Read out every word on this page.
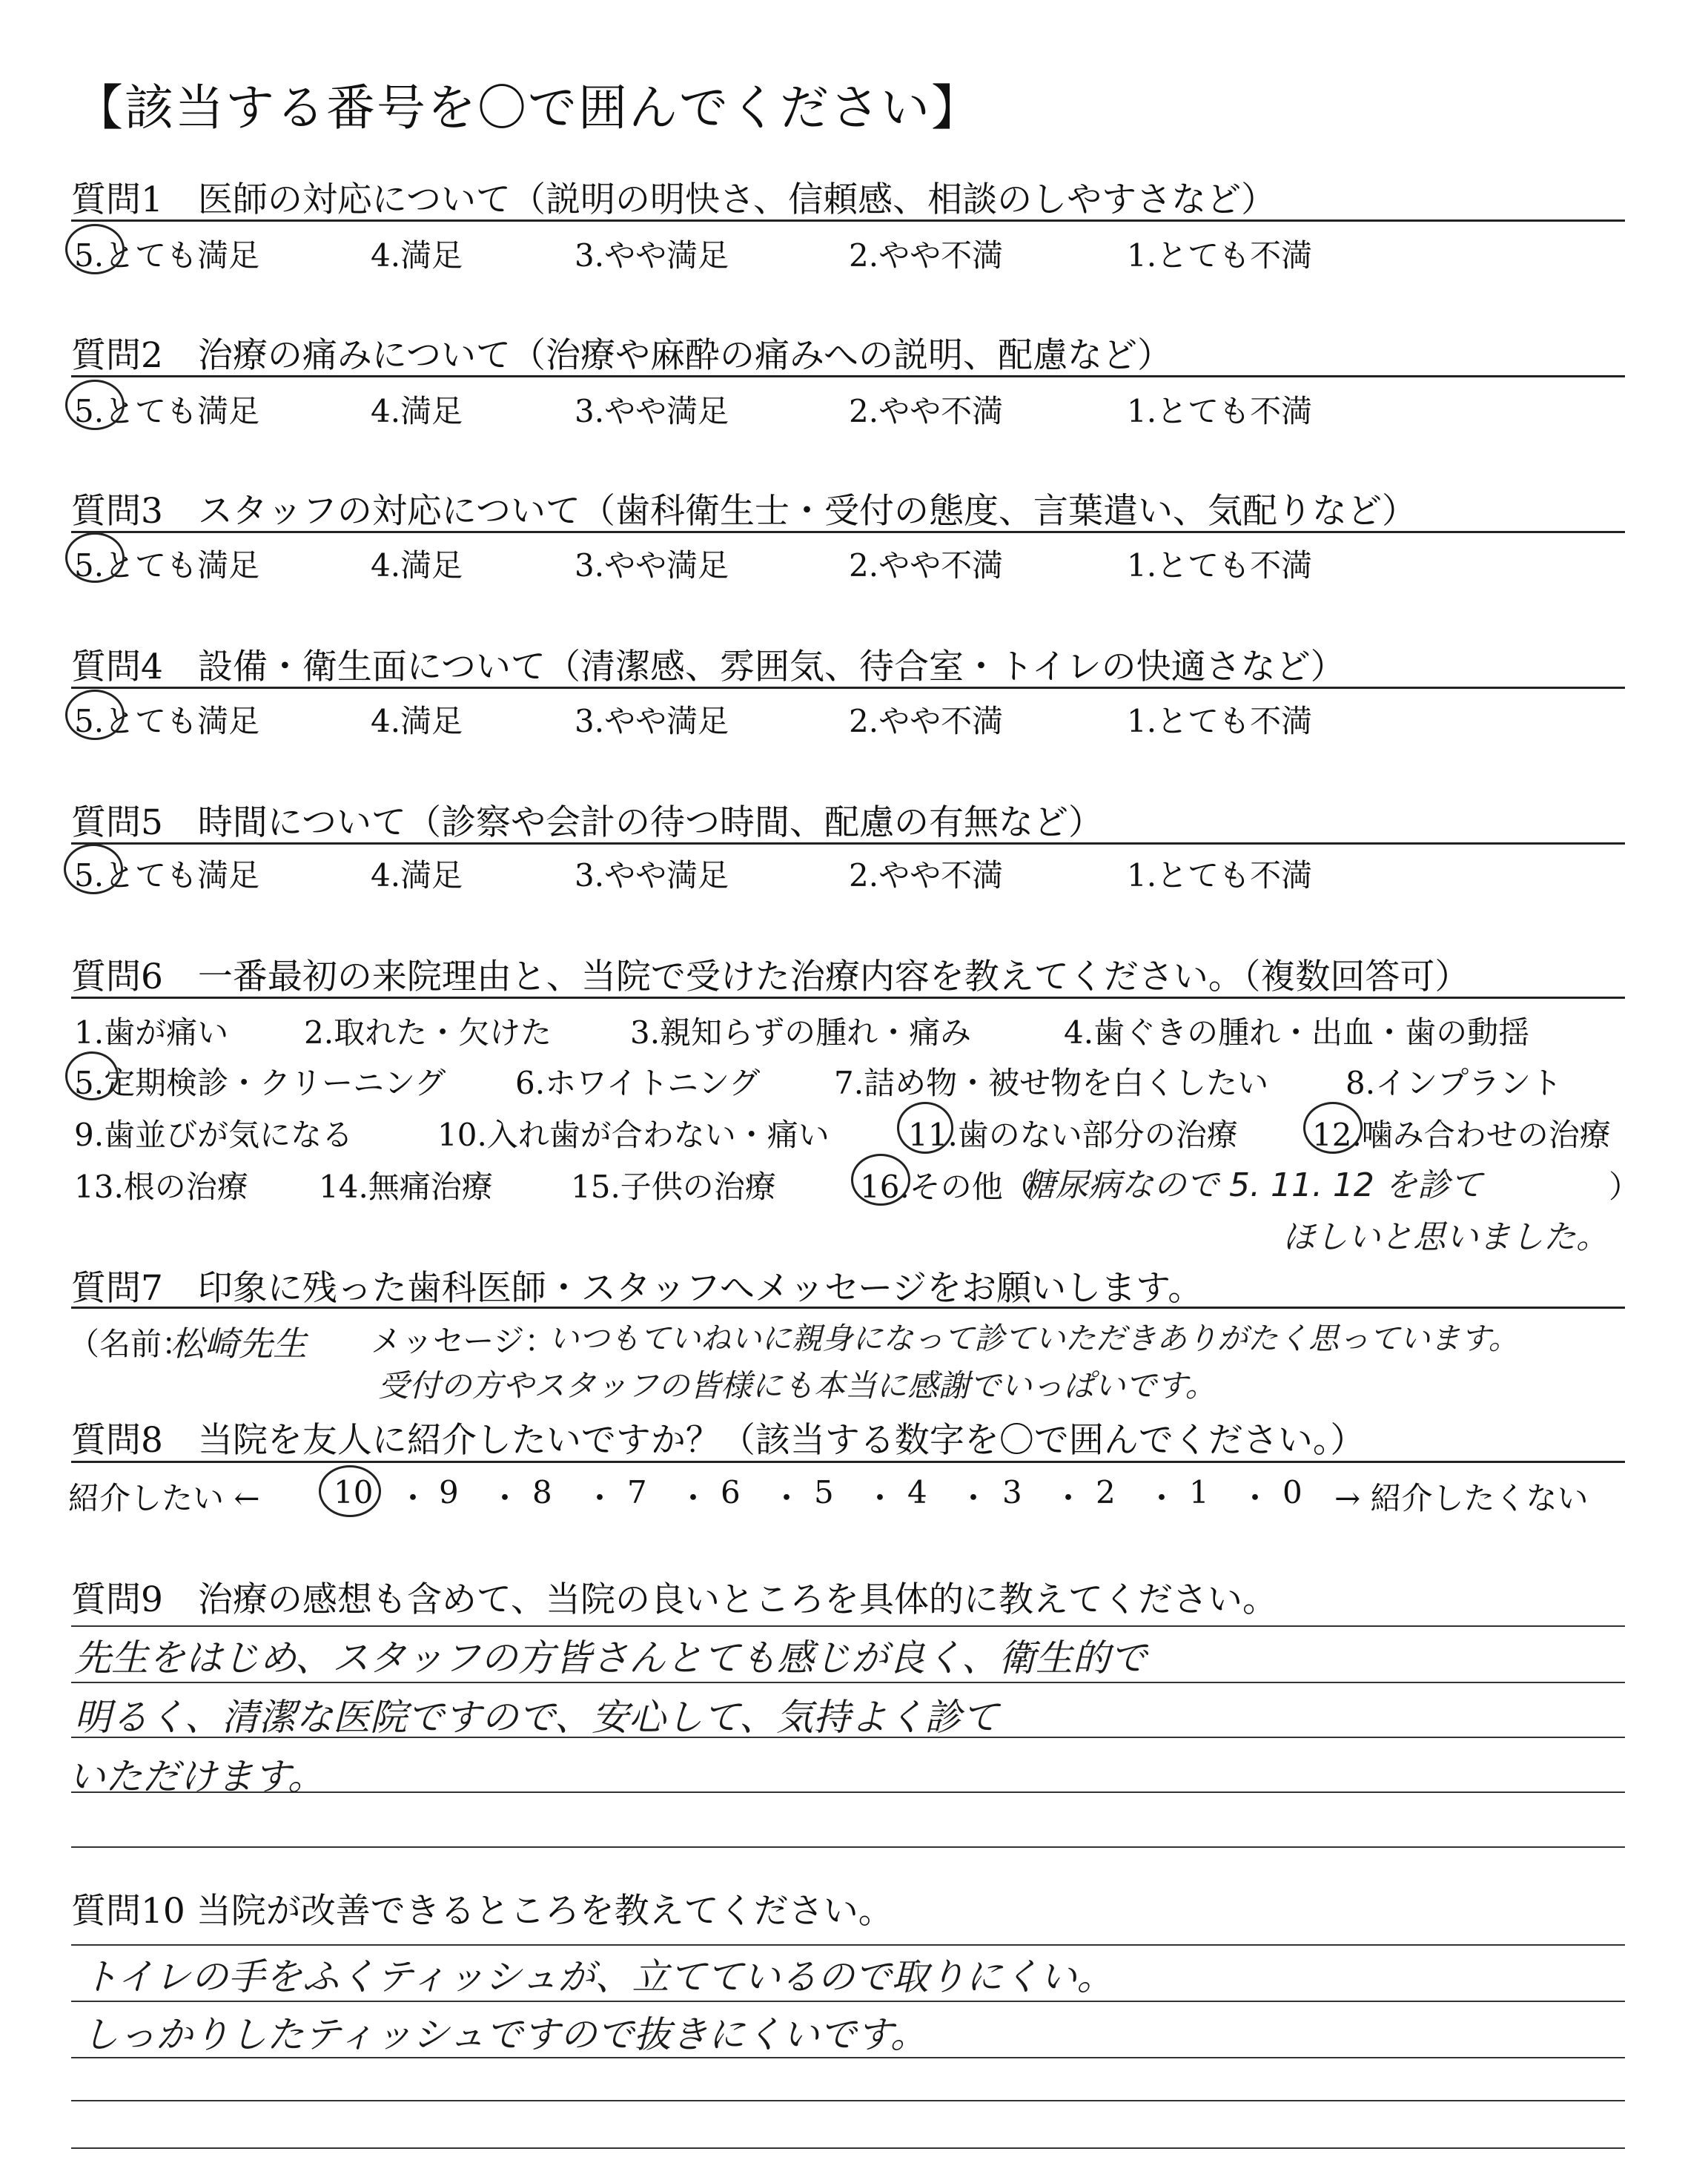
【該当する番号を〇で囲んでください】
質問1　医師の対応について（説明の明快さ、信頼感、相談のしやすさなど）
5.とても満足	4.満足	3.やや満足	2.やや不満	1.とても不満
質問2　治療の痛みについて（治療や麻酔の痛みへの説明、配慮など）
5.とても満足	4.満足	3.やや満足	2.やや不満	1.とても不満
質問3　スタッフの対応について（歯科衛生士・受付の態度、言葉遣い、気配りなど）
5.とても満足	4.満足	3.やや満足	2.やや不満	1.とても不満
質問4　設備・衛生面について（清潔感、雰囲気、待合室・トイレの快適さなど）
5.とても満足	4.満足	3.やや満足	2.やや不満	1.とても不満
質問5　時間について（診察や会計の待つ時間、配慮の有無など）
5.とても満足	4.満足	3.やや満足	2.やや不満	1.とても不満
質問6　一番最初の来院理由と、当院で受けた治療内容を教えてください。（複数回答可）
1.歯が痛い 2.取れた・欠けた	3.親知らずの腫れ・痛み	4.歯ぐきの腫れ・出血・歯の動揺
5.定期検診・クリーニング 6.ホワイトニング 7.詰め物・被せ物を白くしたい 8.インプラント
9.歯並びが気になる	10.入れ歯が合わない・痛い	11.歯のない部分の治療 12.噛み合わせの治療
13.根の治療 14.無痛治療	15.子供の治療	16.その他（
糖尿病なので 5. 11. 12 を診て	）
ほしいと思いました。
質問7　印象に残った歯科医師・スタッフへメッセージをお願いします。
（名前：
松崎先生 メッセージ：
いつもていねいに親身になって診ていただきありがたく思っています。
受付の方やスタッフの皆様にも本当に感謝でいっぱいです。
質問8　当院を友人に紹介したいですか？（該当する数字を〇で囲んでください。）
紹介したい ← 10 ・ 9 ・ 8 ・ 7 ・ 6 ・ 5 ・ 4 ・ 3 ・ 2 ・ 1 ・ 0 → 紹介したくない
質問9　治療の感想も含めて、当院の良いところを具体的に教えてください。
先生をはじめ、スタッフの方皆さんとても感じが良く、衛生的で
明るく、清潔な医院ですので、安心して、気持よく診て
いただけます。
質問10 当院が改善できるところを教えてください。
トイレの手をふくティッシュが、立てているので取りにくい。
しっかりしたティッシュですので抜きにくいです。
